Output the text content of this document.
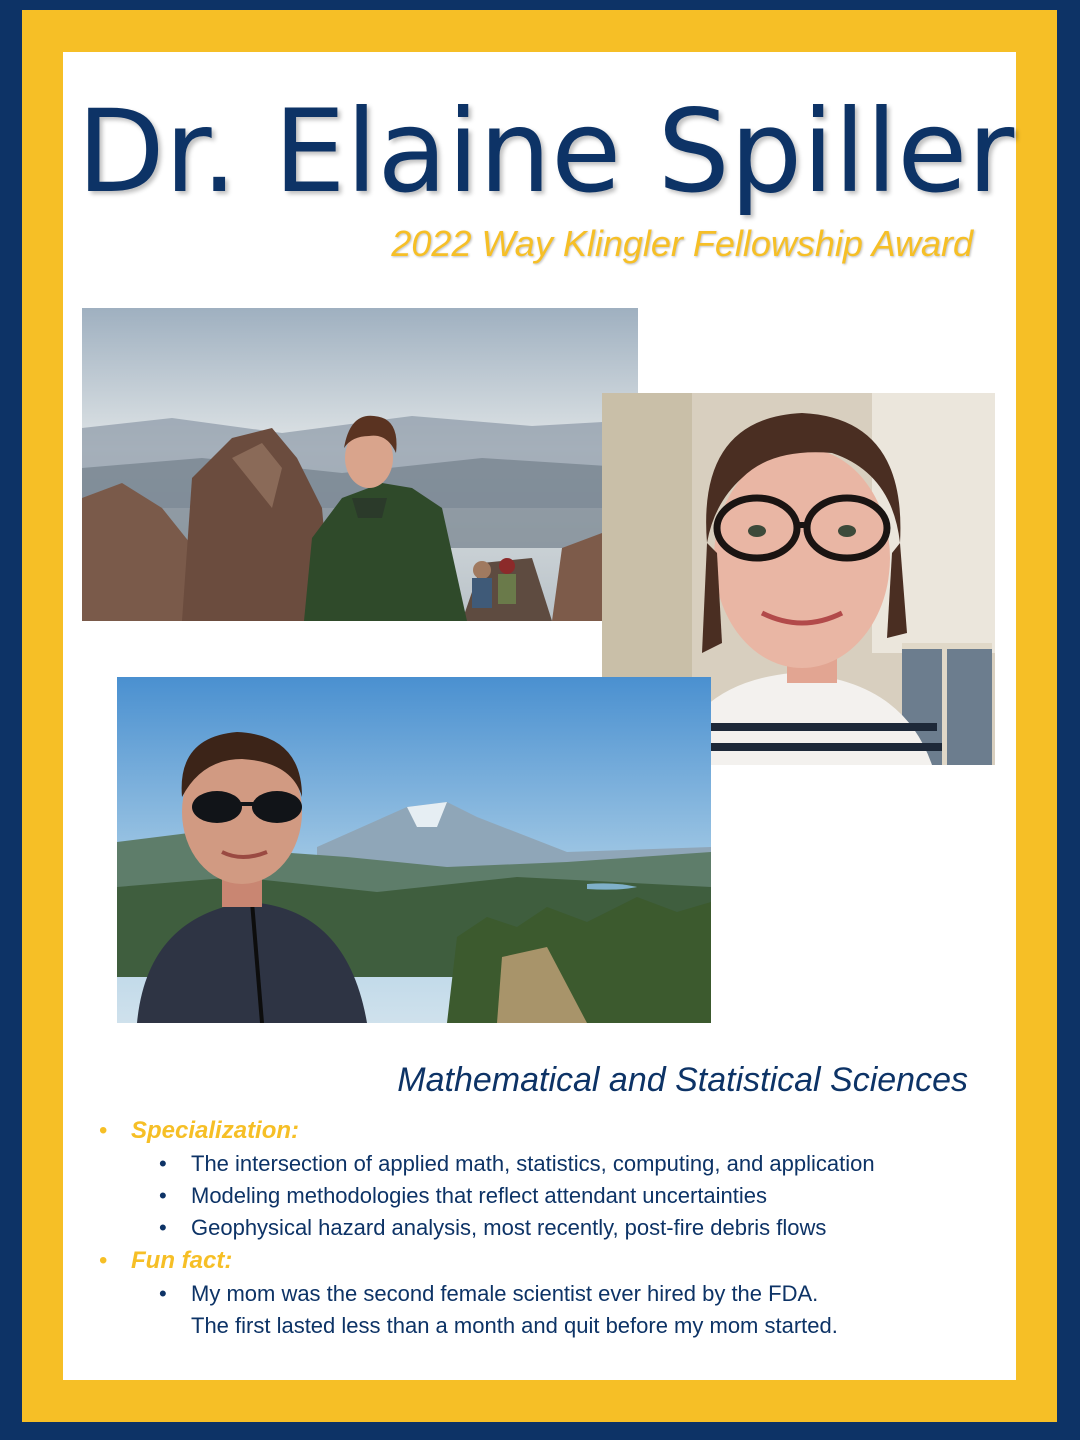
Dr. Elaine Spiller
2022 Way Klingler Fellowship Award
Mathematical and Statistical Sciences
• Specialization:
• The intersection of applied math, statistics, computing, and application
• Modeling methodologies that reflect attendant uncertainties
• Geophysical hazard analysis, most recently, post-fire debris flows
• Fun fact:
• My mom was the second female scientist ever hired by the FDA.
The first lasted less than a month and quit before my mom started.
